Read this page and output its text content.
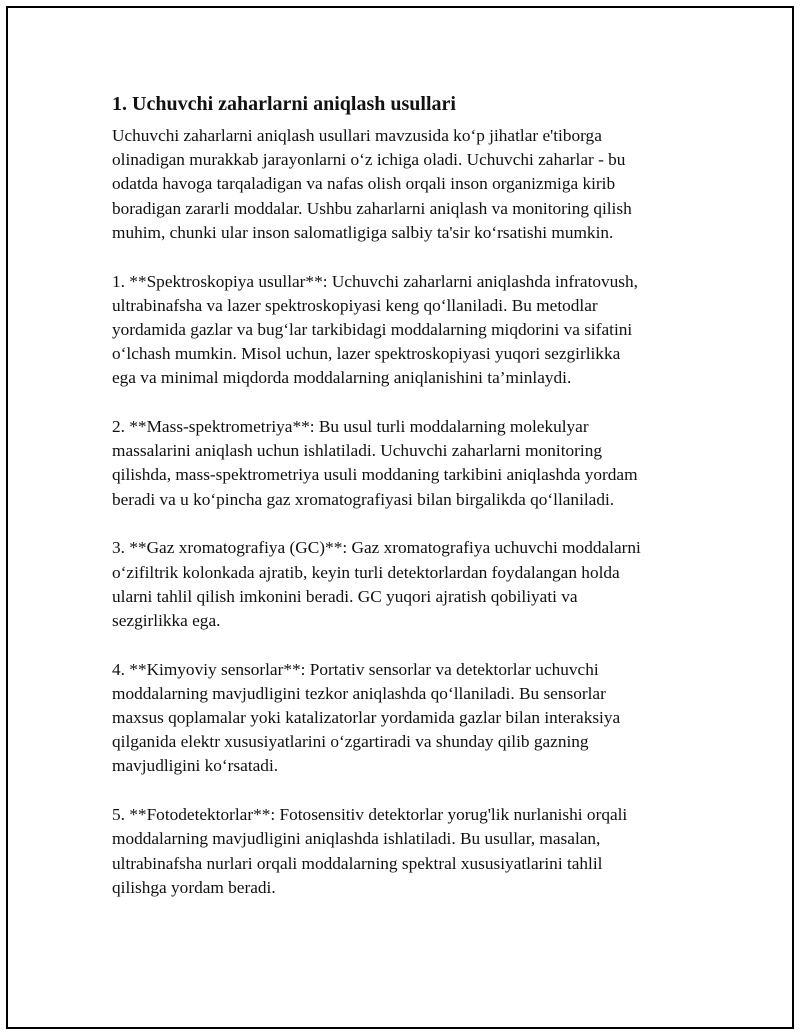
1. Uchuvchi zaharlarni aniqlash usullari
Uchuvchi zaharlarni aniqlash usullari mavzusida ko‘p jihatlar e'tiborga
olinadigan murakkab jarayonlarni o‘z ichiga oladi. Uchuvchi zaharlar - bu
odatda havoga tarqaladigan va nafas olish orqali inson organizmiga kirib
boradigan zararli moddalar. Ushbu zaharlarni aniqlash va monitoring qilish
muhim, chunki ular inson salomatligiga salbiy ta'sir ko‘rsatishi mumkin.
1. **Spektroskopiya usullar**: Uchuvchi zaharlarni aniqlashda infratovush,
ultrabinafsha va lazer spektroskopiyasi keng qo‘llaniladi. Bu metodlar
yordamida gazlar va bug‘lar tarkibidagi moddalarning miqdorini va sifatini
o‘lchash mumkin. Misol uchun, lazer spektroskopiyasi yuqori sezgirlikka
ega va minimal miqdorda moddalarning aniqlanishini ta’minlaydi.
2. **Mass-spektrometriya**: Bu usul turli moddalarning molekulyar
massalarini aniqlash uchun ishlatiladi. Uchuvchi zaharlarni monitoring
qilishda, mass-spektrometriya usuli moddaning tarkibini aniqlashda yordam
beradi va u ko‘pincha gaz xromatografiyasi bilan birgalikda qo‘llaniladi.
3. **Gaz xromatografiya (GC)**: Gaz xromatografiya uchuvchi moddalarni
o‘zifiltrik kolonkada ajratib, keyin turli detektorlardan foydalangan holda
ularni tahlil qilish imkonini beradi. GC yuqori ajratish qobiliyati va
sezgirlikka ega.
4. **Kimyoviy sensorlar**: Portativ sensorlar va detektorlar uchuvchi
moddalarning mavjudligini tezkor aniqlashda qo‘llaniladi. Bu sensorlar
maxsus qoplamalar yoki katalizatorlar yordamida gazlar bilan interaksiya
qilganida elektr xususiyatlarini o‘zgartiradi va shunday qilib gazning
mavjudligini ko‘rsatadi.
5. **Fotodetektorlar**: Fotosensitiv detektorlar yorug'lik nurlanishi orqali
moddalarning mavjudligini aniqlashda ishlatiladi. Bu usullar, masalan,
ultrabinafsha nurlari orqali moddalarning spektral xususiyatlarini tahlil
qilishga yordam beradi.
